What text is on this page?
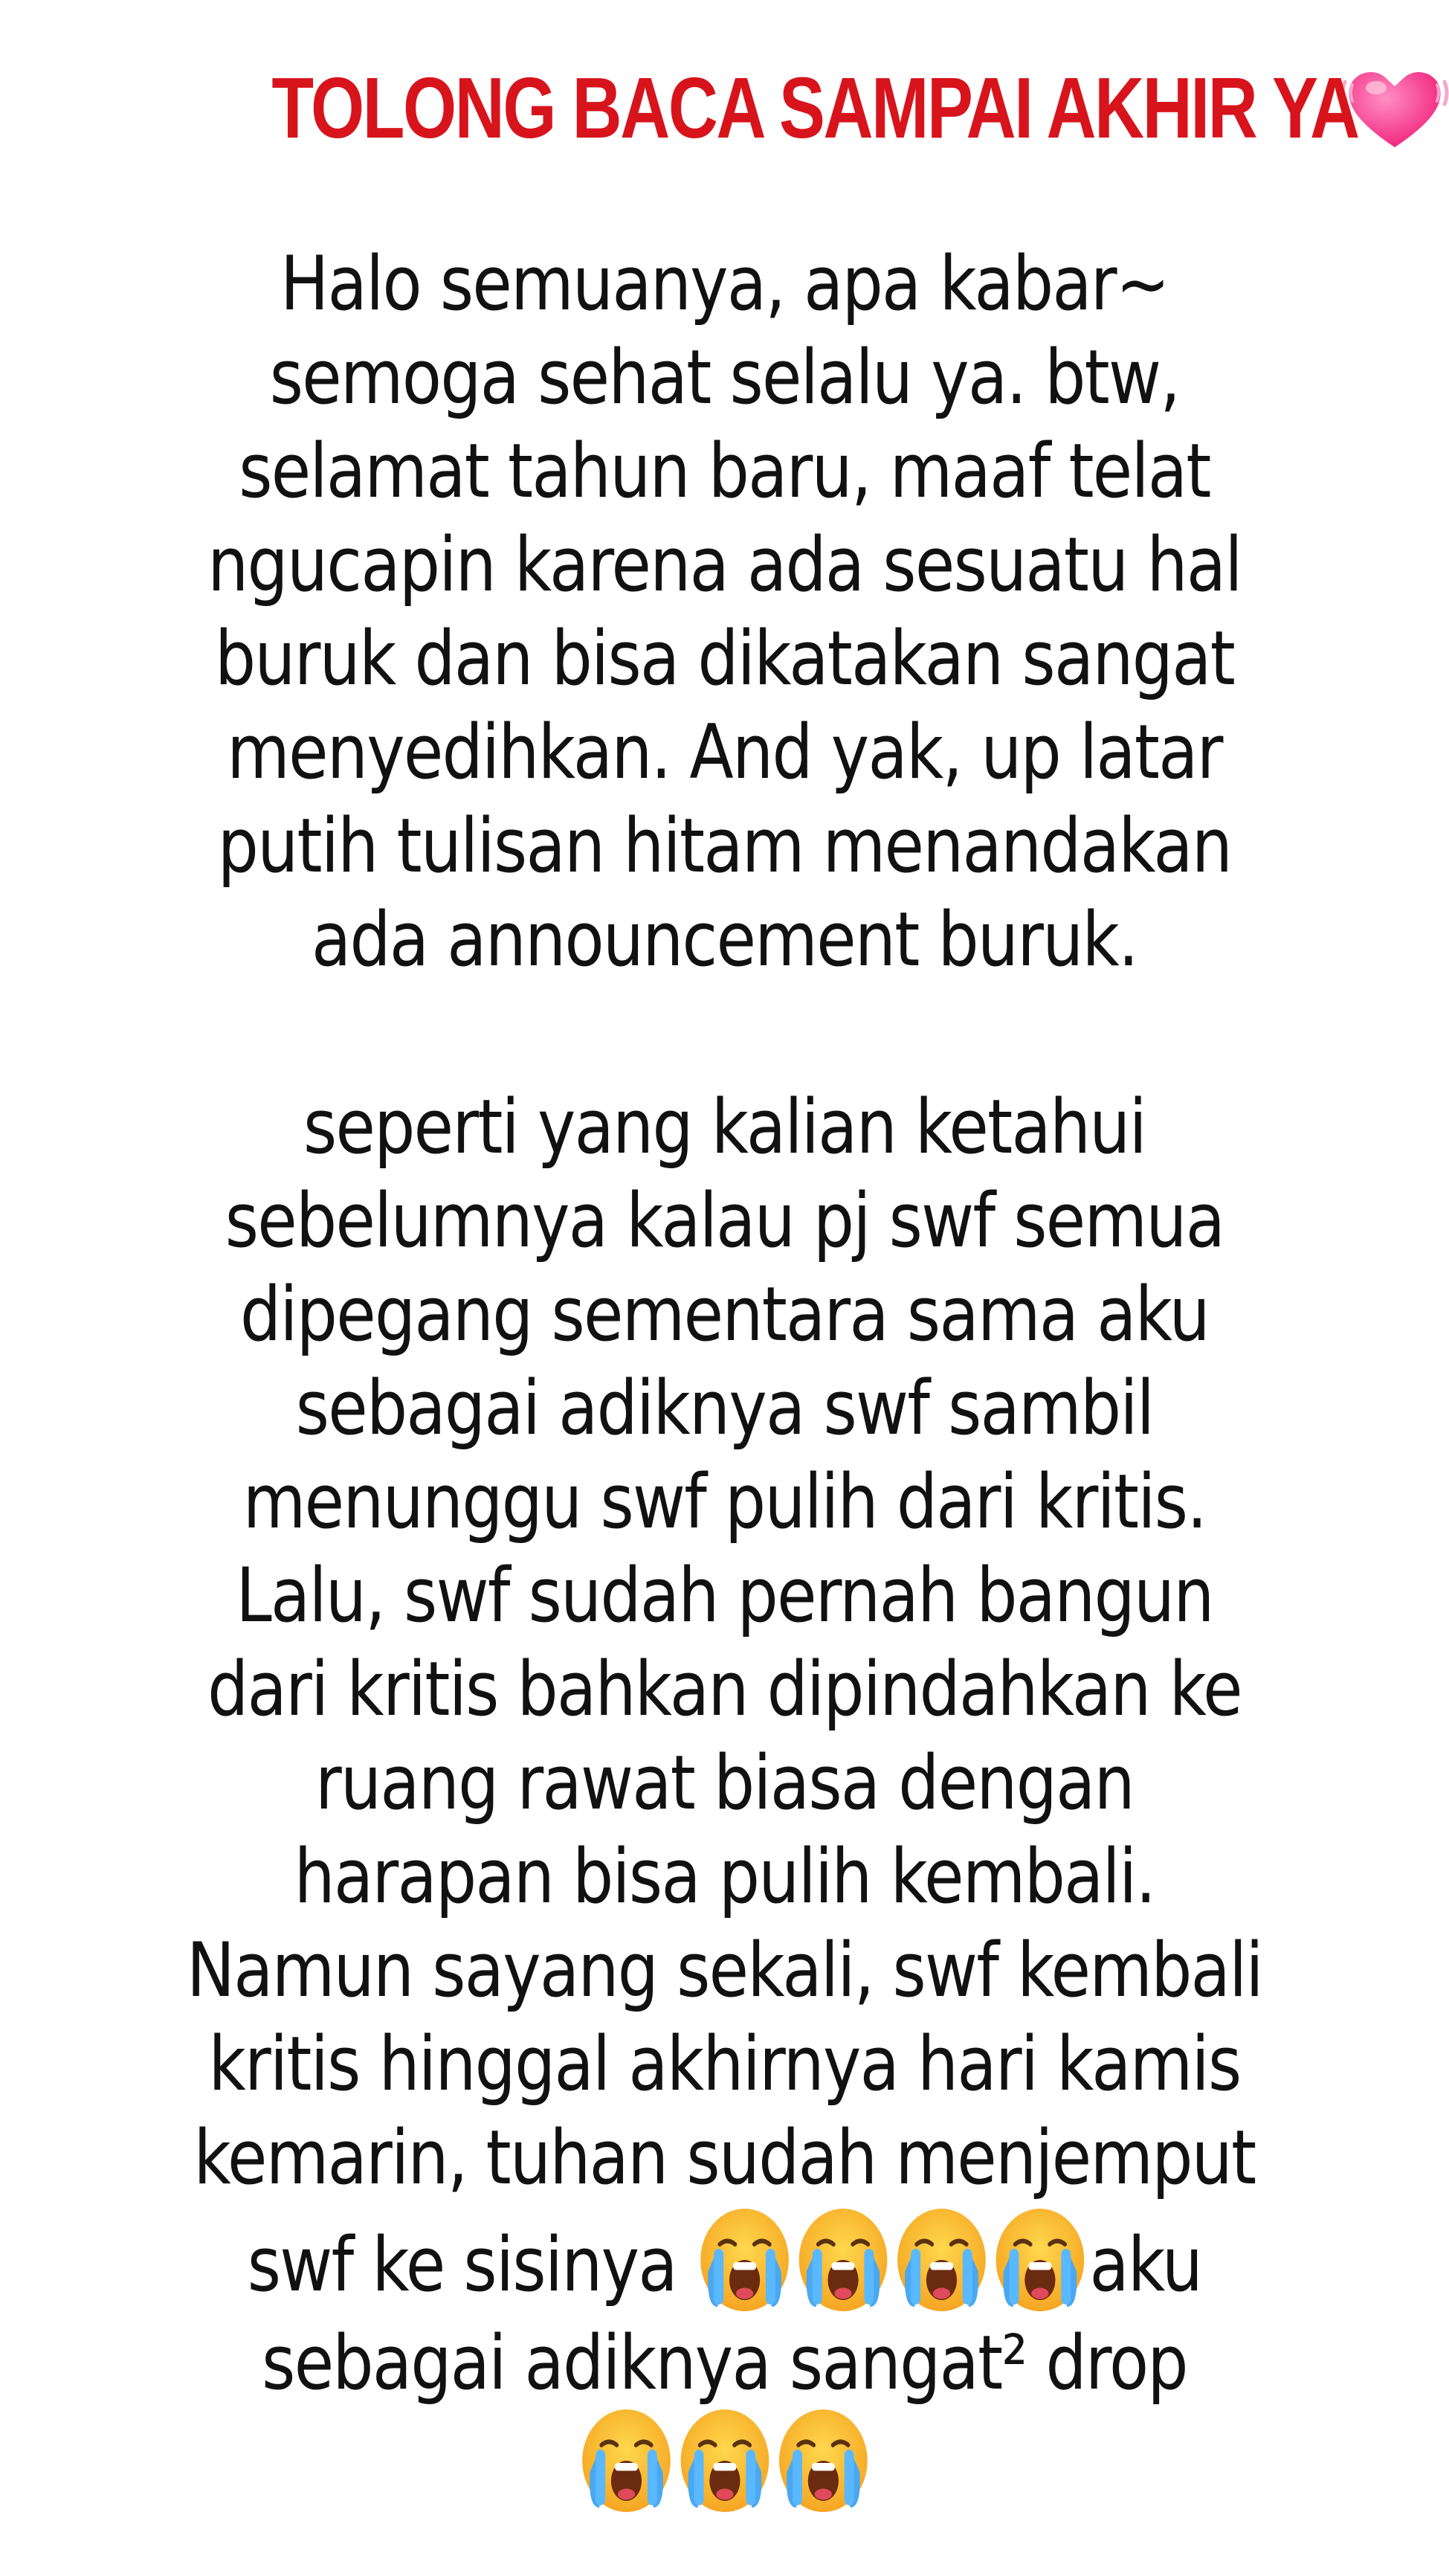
TOLONG BACA SAMPAI AKHIR YA
Halo semuanya, apa kabar~
semoga sehat selalu ya. btw,
selamat tahun baru, maaf telat
ngucapin karena ada sesuatu hal
buruk dan bisa dikatakan sangat
menyedihkan. And yak, up latar
putih tulisan hitam menandakan
ada announcement buruk.
seperti yang kalian ketahui
sebelumnya kalau pj swf semua
dipegang sementara sama aku
sebagai adiknya swf sambil
menunggu swf pulih dari kritis.
Lalu, swf sudah pernah bangun
dari kritis bahkan dipindahkan ke
ruang rawat biasa dengan
harapan bisa pulih kembali.
Namun sayang sekali, swf kembali
kritis hinggal akhirnya hari kamis
kemarin, tuhan sudah menjemput
swf ke sisinya	aku
sebagai adiknya sangat² drop
